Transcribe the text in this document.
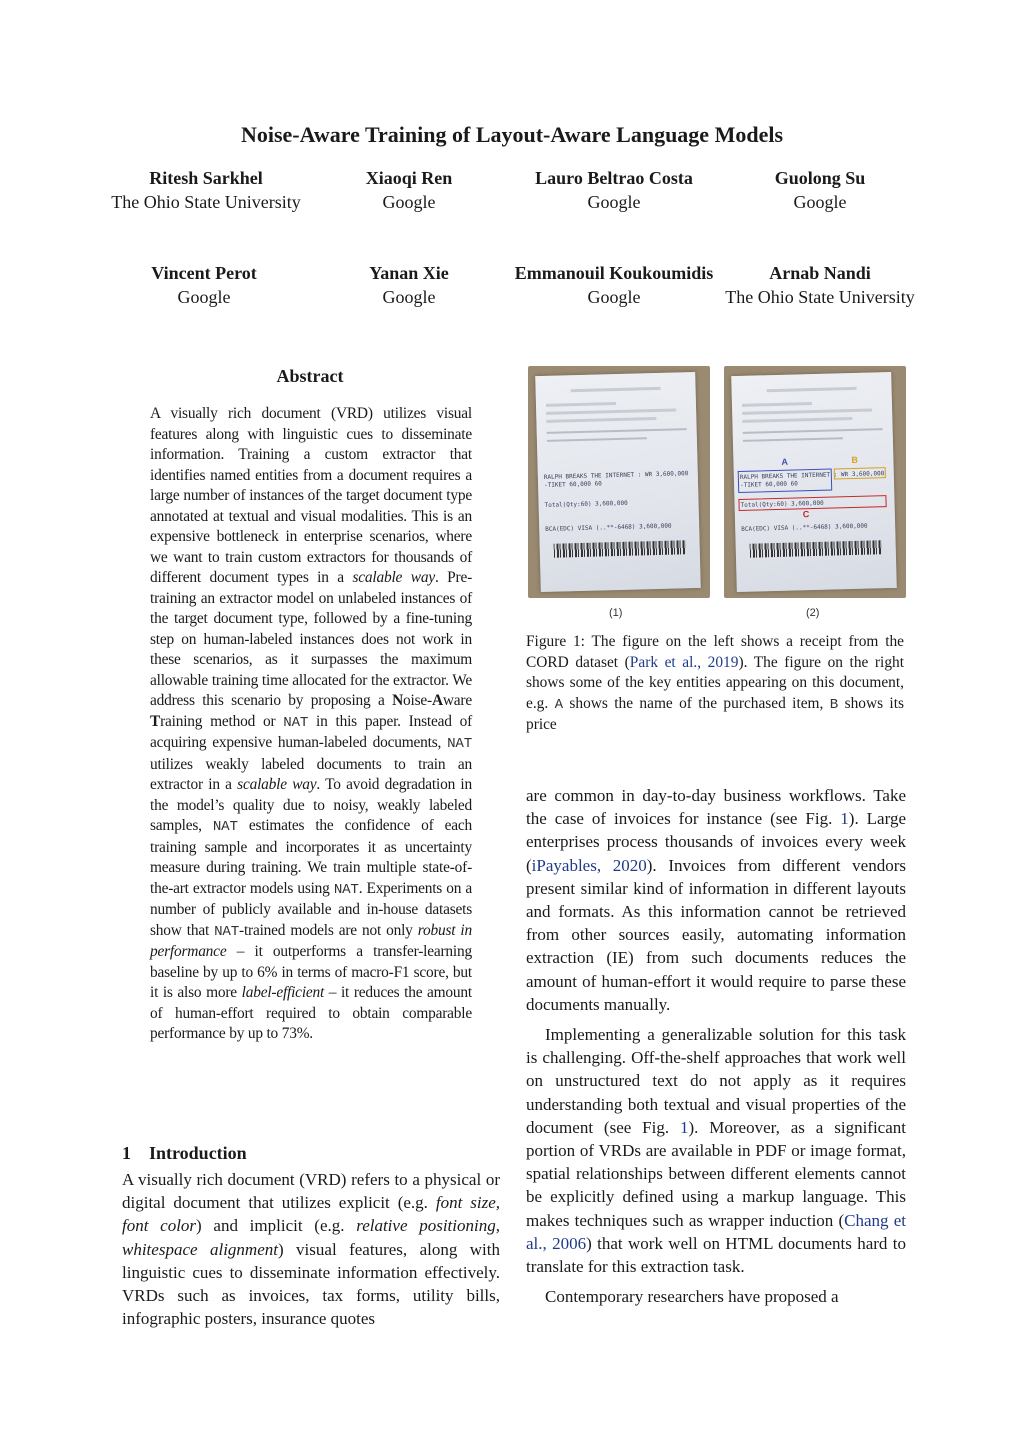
Noise-Aware Training of Layout-Aware Language Models
Ritesh Sarkhel
The Ohio State University
Xiaoqi Ren
Google
Lauro Beltrao Costa
Google
Guolong Su
Google
Vincent Perot
Google
Yanan Xie
Google
Emmanouil Koukoumidis
Google
Arnab Nandi
The Ohio State University
Abstract
A visually rich document (VRD) utilizes visual features along with linguistic cues to disseminate information. Training a custom extractor that identifies named entities from a document requires a large number of instances of the target document type annotated at textual and visual modalities. This is an expensive bottleneck in enterprise scenarios, where we want to train custom extractors for thousands of different document types in a scalable way. Pre-training an extractor model on unlabeled instances of the target document type, followed by a fine-tuning step on human-labeled instances does not work in these scenarios, as it surpasses the maximum allowable training time allocated for the extractor. We address this scenario by proposing a Noise-Aware Training method or NAT in this paper. Instead of acquiring expensive human-labeled documents, NAT utilizes weakly labeled documents to train an extractor in a scalable way. To avoid degradation in the model’s quality due to noisy, weakly labeled samples, NAT estimates the confidence of each training sample and incorporates it as uncertainty measure during training. We train multiple state-of-the-art extractor models using NAT. Experiments on a number of publicly available and in-house datasets show that NAT-trained models are not only robust in performance – it outperforms a transfer-learning baseline by up to 6% in terms of macro-F1 score, but it is also more label-efficient – it reduces the amount of human-effort required to obtain comparable performance by up to 73%.
RALPH BREAKS THE INTERNET : WR 3,600,000
-TIKET 60,000 60
Total(Qty:60) 3,600,000
BCA(EDC) VISA (..**-6468) 3,600,000
A	B
RALPH BREAKS THE INTERNET : WR 3,600,000
-TIKET 60,000 60
Total(Qty:60) 3,600,000
C
BCA(EDC) VISA (..**-6468) 3,600,000
(1)	(2)
Figure 1: The figure on the left shows a receipt from the CORD dataset (Park et al., 2019). The figure on the right shows some of the key entities appearing on this document, e.g. A shows the name of the purchased item, B shows its price

are common in day-to-day business workflows. Take the case of invoices for instance (see Fig. 1). Large enterprises process thousands of invoices every week (iPayables, 2020). Invoices from different vendors present similar kind of information in different layouts and formats. As this information cannot be retrieved from other sources easily, automating information extraction (IE) from such documents reduces the amount of human-effort it would require to parse these documents manually.

Implementing a generalizable solution for this task is challenging. Off-the-shelf approaches that work well on unstructured text do not apply as it requires understanding both textual and visual properties of the document (see Fig. 1). Moreover, as a significant portion of VRDs are available in PDF or image format, spatial relationships between different elements cannot be explicitly defined using a markup language. This makes techniques such as wrapper induction (Chang et al., 2006) that work well on HTML documents hard to translate for this extraction task.

Contemporary researchers have proposed a

1 Introduction
A visually rich document (VRD) refers to a physical or digital document that utilizes explicit (e.g. font size, font color) and implicit (e.g. relative positioning, whitespace alignment) visual features, along with linguistic cues to disseminate information effectively. VRDs such as invoices, tax forms, utility bills, infographic posters, insurance quotes
